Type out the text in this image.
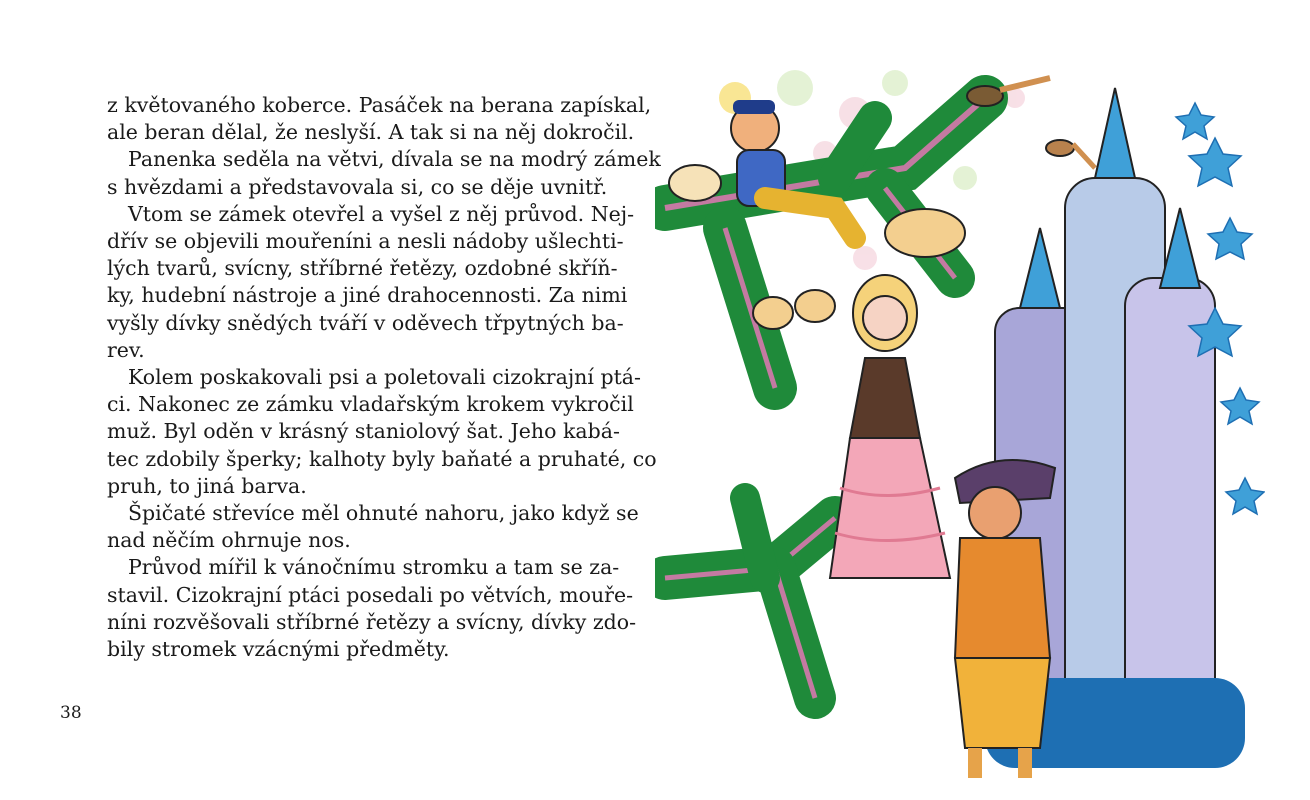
z květovaného koberce. Pasáček na berana zapískal,
ale beran dělal, že neslyší. A tak si na něj dokročil.
Panenka seděla na větvi, dívala se na modrý zámek
s hvězdami a představovala si, co se děje uvnitř.
Vtom se zámek otevřel a vyšel z něj průvod. Nej-
dřív se objevili mouřeníni a nesli nádoby ušlechti-
lých tvarů, svícny, stříbrné řetězy, ozdobné skříň-
ky, hudební nástroje a jiné drahocennosti. Za nimi
vyšly dívky snědých tváří v oděvech třpytných ba-
rev.
Kolem poskakovali psi a poletovali cizokrajní ptá-
ci. Nakonec ze zámku vladařským krokem vykročil
muž. Byl oděn v krásný staniolový šat. Jeho kabá-
tec zdobily šperky; kalhoty byly baňaté a pruhaté, co
pruh, to jiná barva.
Špičaté střevíce měl ohnuté nahoru, jako když se
nad něčím ohrnuje nos.
Průvod mířil k vánočnímu stromku a tam se za-
stavil. Cizokrajní ptáci posedali po větvích, mouře-
níni rozvěšovali stříbrné řetězy a svícny, dívky zdo-
bily stromek vzácnými předměty.
38
